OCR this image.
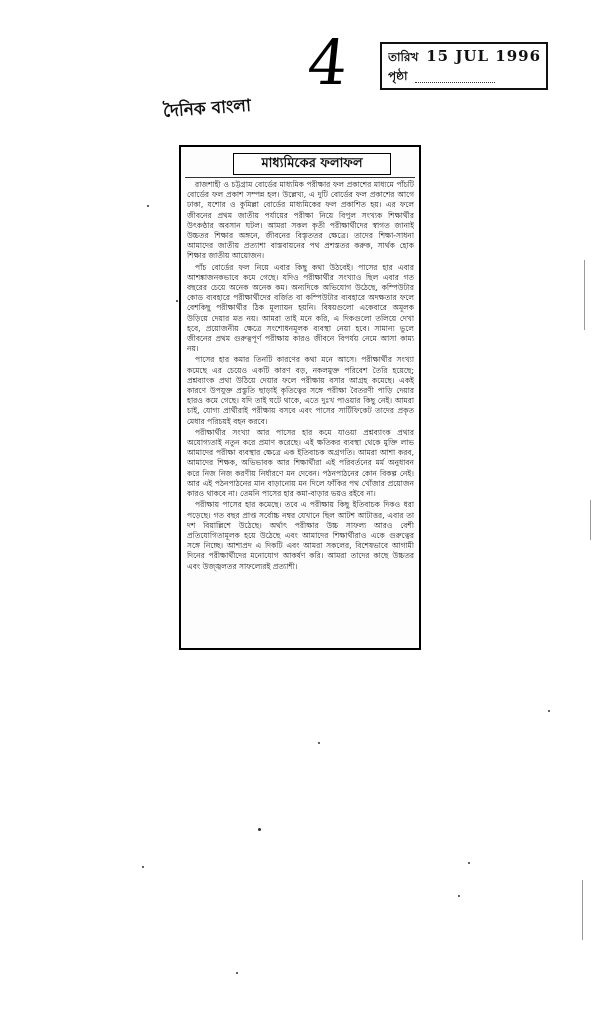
4	তারিখ 15 JUL 1996
পৃষ্ঠা
দৈনিক বাংলা
মাধ্যমিকের ফলাফল

রাজশাহী ও চট্টগ্রাম বোর্ডের মাধ্যমিক পরীক্ষার ফল প্রকাশের মাধ্যমে পাঁচটি বোর্ডের ফল প্রকাশ সম্পন্ন হল। উল্লেখ্য, এ দুটি বোর্ডের ফল প্রকাশের আগে ঢাকা, যশোর ও কুমিল্লা বোর্ডের মাধ্যমিকের ফল প্রকাশিত হয়। এর ফলে জীবনের প্রথম জাতীয় পর্যায়ের পরীক্ষা নিয়ে বিপুল সংখ্যক শিক্ষার্থীর উৎকণ্ঠার অবসান ঘটল। আমরা সকল কৃতী পরীক্ষার্থীদের স্বাগত জানাই উচ্চতর শিক্ষার অঙ্গনে, জীবনের বিস্তৃততর ক্ষেত্রে। তাদের শিক্ষা-সাধনা আমাদের জাতীয় প্রত্যাশা বাস্তবায়নের পথ প্রশস্ততর করুক, সার্থক হোক শিক্ষার জাতীয় আয়োজন।

পাঁচ বোর্ডের ফল নিয়ে এবার কিছু কথা উঠবেই। পাসের হার এবার আশঙ্কাজনকভাবে কমে গেছে। যদিও পরীক্ষার্থীর সংখ্যাও ছিল এবার গত বছরের চেয়ে অনেক অনেক কম। অন্যদিকে অভিযোগ উঠেছে, কম্পিউটার কোড ব্যবহারে পরীক্ষার্থীদের বর্জিত বা কম্পিউটার ব্যবহারে অদক্ষতার ফলে বেশকিছু পরীক্ষার্থীর ঠিক মূল্যায়ন হয়নি। বিষয়গুলো একেবারে অমূলক উড়িয়ে দেয়ার মত নয়। আমরা তাই মনে করি, এ দিকগুলো তলিয়ে দেখা হবে, প্রয়োজনীয় ক্ষেত্রে সংশোধনমূলক ব্যবস্থা নেয়া হবে। সামান্য ভুলে জীবনের প্রথম গুরুত্বপূর্ণ পরীক্ষায় কারও জীবনে বিপর্যয় নেমে আসা কাম্য নয়।

পাসের হার কমার তিনটি কারণের কথা মনে আসে। পরীক্ষার্থীর সংখ্যা কমেছে এর চেয়েও একটি কারণ বড়, নকলমুক্ত পরিবেশ তৈরি হয়েছে; প্রশ্নব্যাংক প্রথা উঠিয়ে দেয়ার ফলে পরীক্ষায় বসার আগ্রহ কমেছে। একই কারণে উপযুক্ত প্রস্তুতি ছাড়াই কৃতিত্বের সঙ্গে পরীক্ষা বৈতরণী পাড়ি দেয়ার হারও কমে গেছে। যদি তাই ঘটে থাকে, এতে দুঃখ পাওয়ার কিছু নেই। আমরা চাই, যোগ্য প্রার্থীরাই পরীক্ষায় বসবে এবং পাসের সার্টিফিকেট তাদের প্রকৃত মেধার পরিচয়ই বহন করবে।

পরীক্ষার্থীর সংখ্যা আর পাসের হার কমে যাওয়া প্রশ্নব্যাংক প্রথার অযোগ্যতাই নতুন করে প্রমাণ করেছে। এই ক্ষতিকর ব্যবস্থা থেকে মুক্তি লাভ আমাদের পরীক্ষা ব্যবস্থার ক্ষেত্রে এক ইতিবাচক অগ্রগতি। আমরা আশা করব, আমাদের শিক্ষক, অভিভাবক আর শিক্ষার্থীরা এই পরিবর্তনের মর্ম অনুধাবন করে নিজ নিজ করণীয় নির্ধারণে মন দেবেন। পঠনপাঠনের কোন বিকল্প নেই। আর এই পঠনপাঠনের মান বাড়ানোয় মন দিলে ফাঁকির পথ খোঁজার প্রয়োজন কারও থাকবে না। তেমনি পাসের হার কমা-বাড়ার ভয়ও রইবে না।

পরীক্ষায় পাসের হার কমেছে। তবে এ পরীক্ষায় কিছু ইতিবাচক দিকও ধরা পড়েছে। গত বছর প্রাপ্ত সর্বোচ্চ নম্বর যেখানে ছিল আটশ আটাত্তর, এবার তা দশ বিয়াল্লিশে উঠেছে। অর্থাৎ পরীক্ষার উচ্চ সাফল্য আরও বেশী প্রতিযোগিতামূলক হয়ে উঠেছে এবং আমাদের শিক্ষার্থীরাও একে গুরুত্বের সঙ্গে নিচ্ছে। আশাপ্রদ এ দিকটি এবং আমরা সকলের, বিশেষভাবে আগামী দিনের পরীক্ষার্থীদের মনোযোগ আকর্ষণ করি। আমরা তাদের কাছে উচ্চতর এবং উজ্জ্বলতর সাফল্যেরই প্রত্যাশী।
